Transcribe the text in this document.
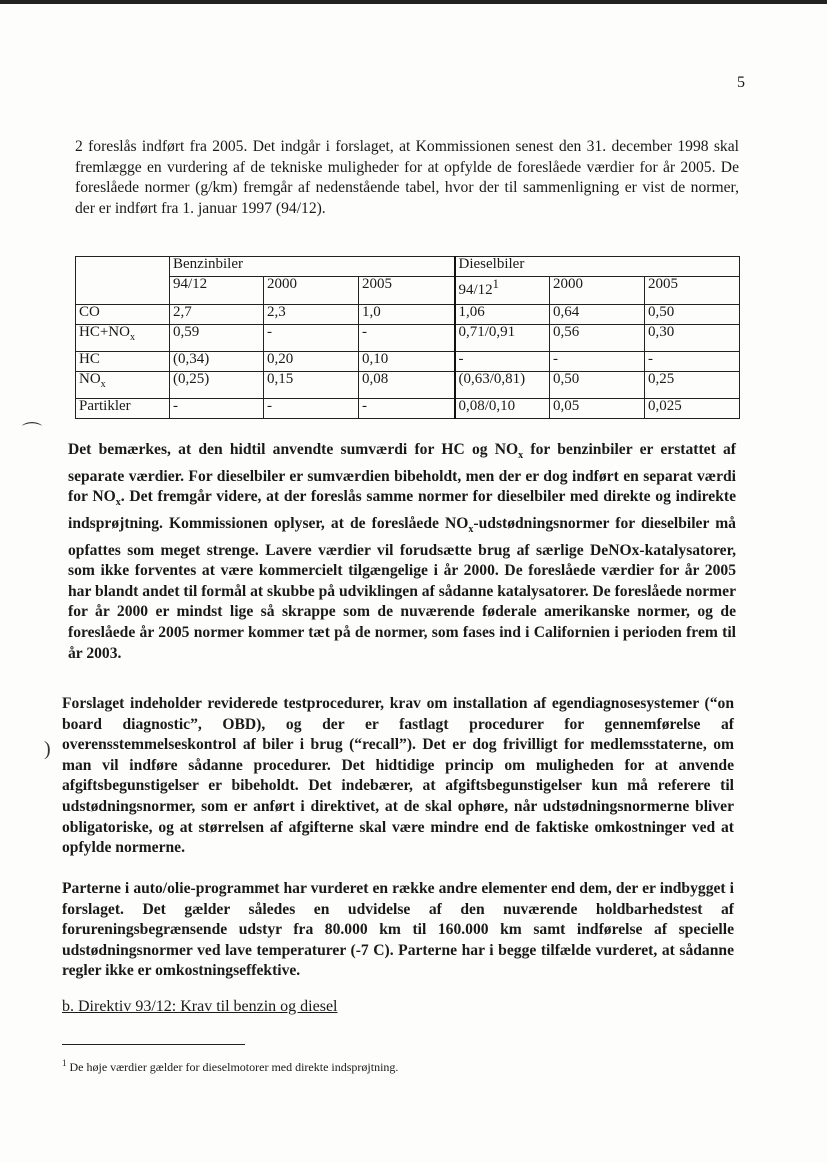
5

2 foreslås indført fra 2005. Det indgår i forslaget, at Kommissionen senest den 31. december 1998 skal fremlægge en vurdering af de tekniske muligheder for at opfylde de foreslåede værdier for år 2005. De foreslåede normer (g/km) fremgår af nedenstående tabel, hvor der til sammenligning er vist de normer, der er indført fra 1. januar 1997 (94/12).

	Benzinbiler			Dieselbiler		
	94/12	2000	2005	$94/12^1$	2000	2005
CO	2,7	2,3	1,0	1,06	0,64	0,50
$HC+NO_x$	0,59	-	-	0,71/0,91	0,56	0,30
HC	(0,34)	0,20	0,10	-	-	-
$NO_x$	(0,25)	0,15	0,08	(0,63/0,81)	0,50	0,25
Partikler	-	-	-	0,08/0,10	0,05	0,025
⌒
)

Det bemærkes, at den hidtil anvendte sumværdi for HC og $NO_x$ for benzinbiler er erstattet af separate værdier. For dieselbiler er sumværdien bibeholdt, men der er dog indført en separat værdi for $NO_x$. Det fremgår videre, at der foreslås samme normer for dieselbiler med direkte og indirekte indsprøjtning. Kommissionen oplyser, at de foreslåede $NO_x$-udstødningsnormer for dieselbiler må opfattes som meget strenge. Lavere værdier vil forudsætte brug af særlige DeNOx-katalysatorer, som ikke forventes at være kommercielt tilgængelige i år 2000. De foreslåede værdier for år 2005 har blandt andet til formål at skubbe på udviklingen af sådanne katalysatorer. De foreslåede normer for år 2000 er mindst lige så skrappe som de nuværende føderale amerikanske normer, og de foreslåede år 2005 normer kommer tæt på de normer, som fases ind i Californien i perioden frem til år 2003.

Forslaget indeholder reviderede testprocedurer, krav om installation af egendiagnosesystemer (“on board diagnostic”, OBD), og der er fastlagt procedurer for gennemførelse af overensstemmelseskontrol af biler i brug (“recall”). Det er dog frivilligt for medlemsstaterne, om man vil indføre sådanne procedurer. Det hidtidige princip om muligheden for at anvende afgiftsbegunstigelser er bibeholdt. Det indebærer, at afgiftsbegunstigelser kun må referere til udstødningsnormer, som er anført i direktivet, at de skal ophøre, når udstødningsnormerne bliver obligatoriske, og at størrelsen af afgifterne skal være mindre end de faktiske omkostninger ved at opfylde normerne.

Parterne i auto/olie-programmet har vurderet en række andre elementer end dem, der er indbygget i forslaget. Det gælder således en udvidelse af den nuværende holdbarhedstest af forureningsbegrænsende udstyr fra 80.000 km til 160.000 km samt indførelse af specielle udstødningsnormer ved lave temperaturer (-7 C). Parterne har i begge tilfælde vurderet, at sådanne regler ikke er omkostningseffektive.

b. Direktiv 93/12: Krav til benzin og diesel
$^1$ De høje værdier gælder for dieselmotorer med direkte indsprøjtning.
